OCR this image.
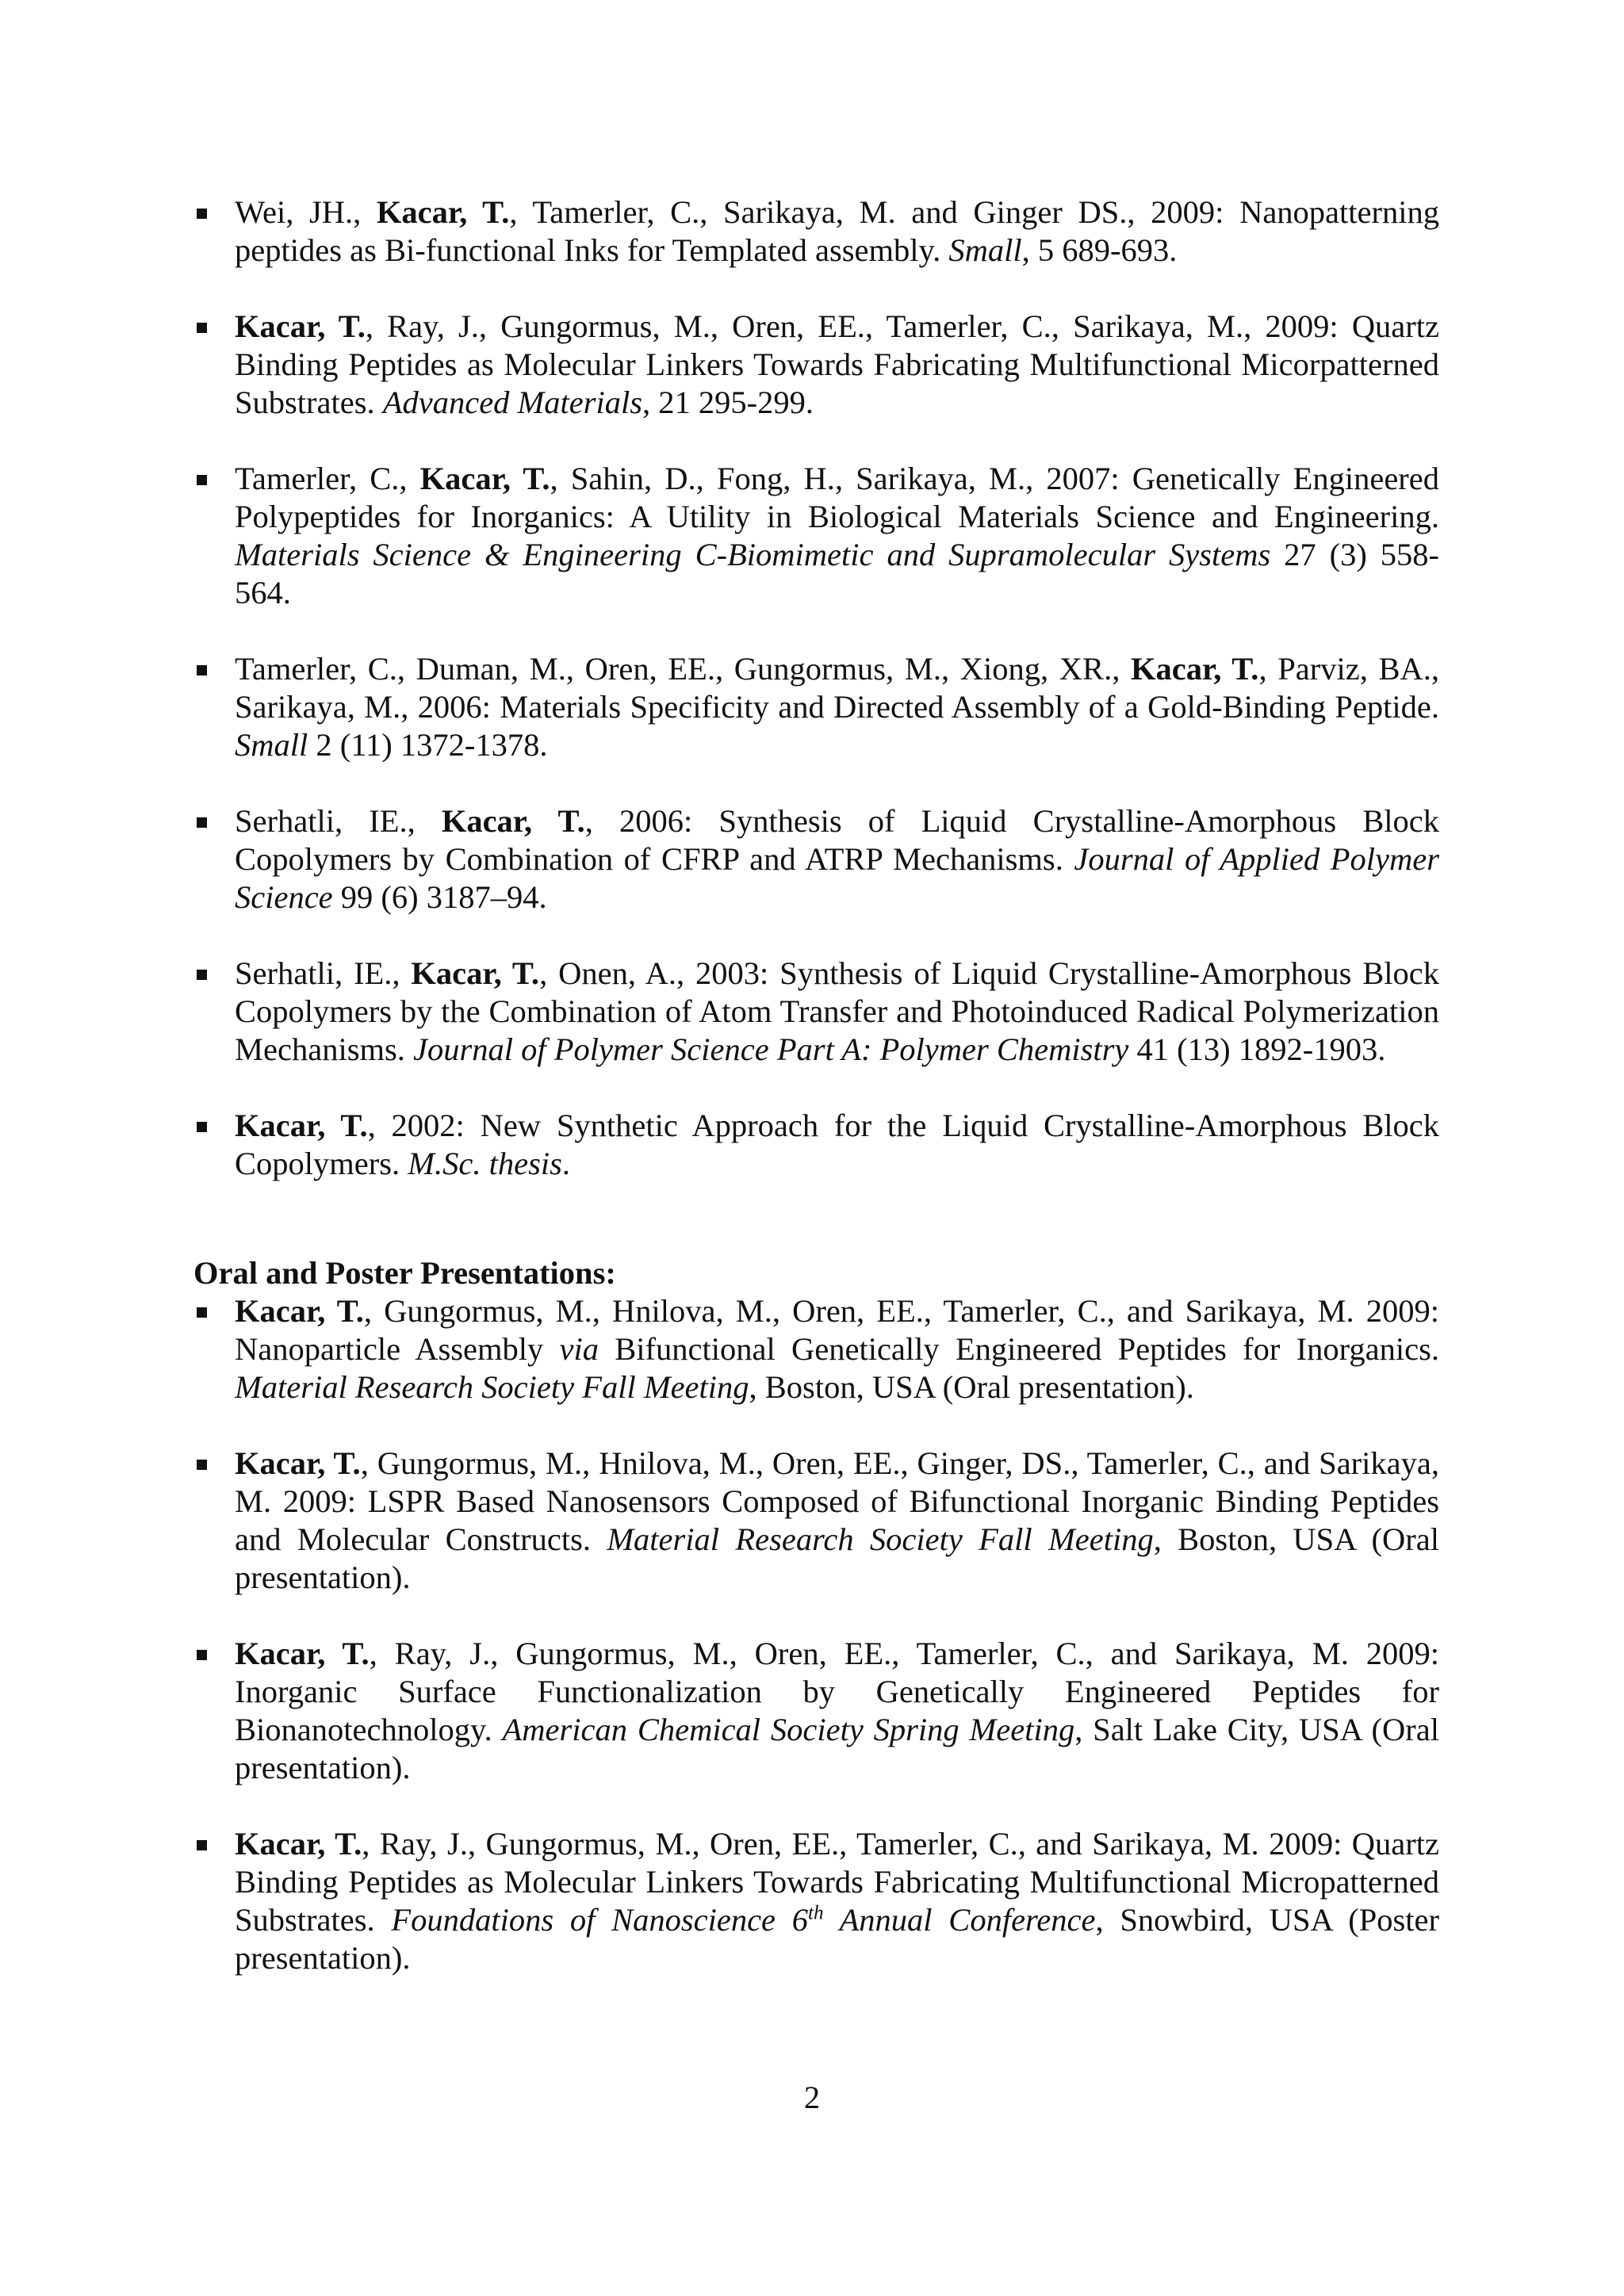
Wei, JH., Kacar, T., Tamerler, C., Sarikaya, M. and Ginger DS., 2009: Nanopatterning peptides as Bi-functional Inks for Templated assembly. Small, 5 689-693.
Kacar, T., Ray, J., Gungormus, M., Oren, EE., Tamerler, C., Sarikaya, M., 2009: Quartz Binding Peptides as Molecular Linkers Towards Fabricating Multifunctional Micorpatterned Substrates. Advanced Materials, 21 295-299.
Tamerler, C., Kacar, T., Sahin, D., Fong, H., Sarikaya, M., 2007: Genetically Engineered Polypeptides for Inorganics: A Utility in Biological Materials Science and Engineering. Materials Science & Engineering C-Biomimetic and Supramolecular Systems 27 (3) 558-564.
Tamerler, C., Duman, M., Oren, EE., Gungormus, M., Xiong, XR., Kacar, T., Parviz, BA., Sarikaya, M., 2006: Materials Specificity and Directed Assembly of a Gold-Binding Peptide. Small 2 (11) 1372-1378.
Serhatli, IE., Kacar, T., 2006: Synthesis of Liquid Crystalline-Amorphous Block Copolymers by Combination of CFRP and ATRP Mechanisms. Journal of Applied Polymer Science 99 (6) 3187–94.
Serhatli, IE., Kacar, T., Onen, A., 2003: Synthesis of Liquid Crystalline-Amorphous Block Copolymers by the Combination of Atom Transfer and Photoinduced Radical Polymerization Mechanisms. Journal of Polymer Science Part A: Polymer Chemistry 41 (13) 1892-1903.
Kacar, T., 2002: New Synthetic Approach for the Liquid Crystalline-Amorphous Block Copolymers. M.Sc. thesis.
Oral and Poster Presentations:
Kacar, T., Gungormus, M., Hnilova, M., Oren, EE., Tamerler, C., and Sarikaya, M. 2009: Nanoparticle Assembly via Bifunctional Genetically Engineered Peptides for Inorganics. Material Research Society Fall Meeting, Boston, USA (Oral presentation).
Kacar, T., Gungormus, M., Hnilova, M., Oren, EE., Ginger, DS., Tamerler, C., and Sarikaya, M. 2009: LSPR Based Nanosensors Composed of Bifunctional Inorganic Binding Peptides and Molecular Constructs. Material Research Society Fall Meeting, Boston, USA (Oral presentation).
Kacar, T., Ray, J., Gungormus, M., Oren, EE., Tamerler, C., and Sarikaya, M. 2009: Inorganic Surface Functionalization by Genetically Engineered Peptides for Bionanotechnology. American Chemical Society Spring Meeting, Salt Lake City, USA (Oral presentation).
Kacar, T., Ray, J., Gungormus, M., Oren, EE., Tamerler, C., and Sarikaya, M. 2009: Quartz Binding Peptides as Molecular Linkers Towards Fabricating Multifunctional Micropatterned Substrates. Foundations of Nanoscience 6th Annual Conference, Snowbird, USA (Poster presentation).
2
